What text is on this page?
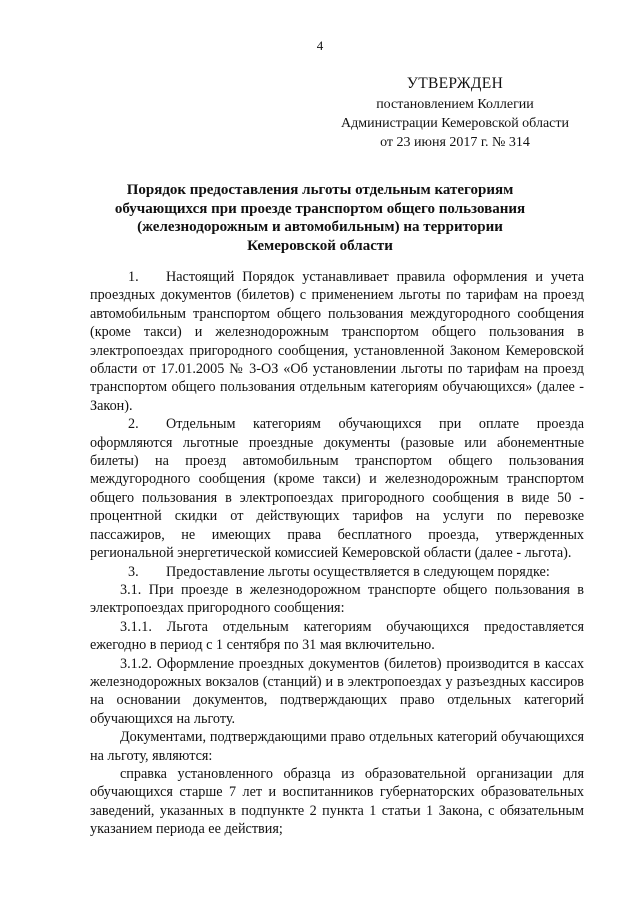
4
УТВЕРЖДЕН
постановлением Коллегии
Администрации Кемеровской области
от 23 июня 2017 г. № 314
Порядок предоставления льготы отдельным категориям обучающихся при проезде транспортом общего пользования (железнодорожным и автомобильным) на территории Кемеровской области

1. Настоящий Порядок устанавливает правила оформления и учета проездных документов (билетов) с применением льготы по тарифам на проезд автомобильным транспортом общего пользования междугородного сообщения (кроме такси) и железнодорожным транспортом общего пользования в электропоездах пригородного сообщения, установленной Законом Кемеровской области от 17.01.2005 № 3-ОЗ «Об установлении льготы по тарифам на проезд транспортом общего пользования отдельным категориям обучающихся» (далее - Закон).

2. Отдельным категориям обучающихся при оплате проезда оформляются льготные проездные документы (разовые или абонементные билеты) на проезд автомобильным транспортом общего пользования междугородного сообщения (кроме такси) и железнодорожным транспортом общего пользования в электропоездах пригородного сообщения в виде 50 - процентной скидки от действующих тарифов на услуги по перевозке пассажиров, не имеющих права бесплатного проезда, утвержденных региональной энергетической комиссией Кемеровской области (далее - льгота).

3. Предоставление льготы осуществляется в следующем порядке:

3.1. При проезде в железнодорожном транспорте общего пользования в электропоездах пригородного сообщения:

3.1.1. Льгота отдельным категориям обучающихся предоставляется ежегодно в период с 1 сентября по 31 мая включительно.

3.1.2. Оформление проездных документов (билетов) производится в кассах железнодорожных вокзалов (станций) и в электропоездах у разъездных кассиров на основании документов, подтверждающих право отдельных категорий обучающихся на льготу.

Документами, подтверждающими право отдельных категорий обучающихся на льготу, являются:

справка установленного образца из образовательной организации для обучающихся старше 7 лет и воспитанников губернаторских образовательных заведений, указанных в подпункте 2 пункта 1 статьи 1 Закона, с обязательным указанием периода ее действия;
